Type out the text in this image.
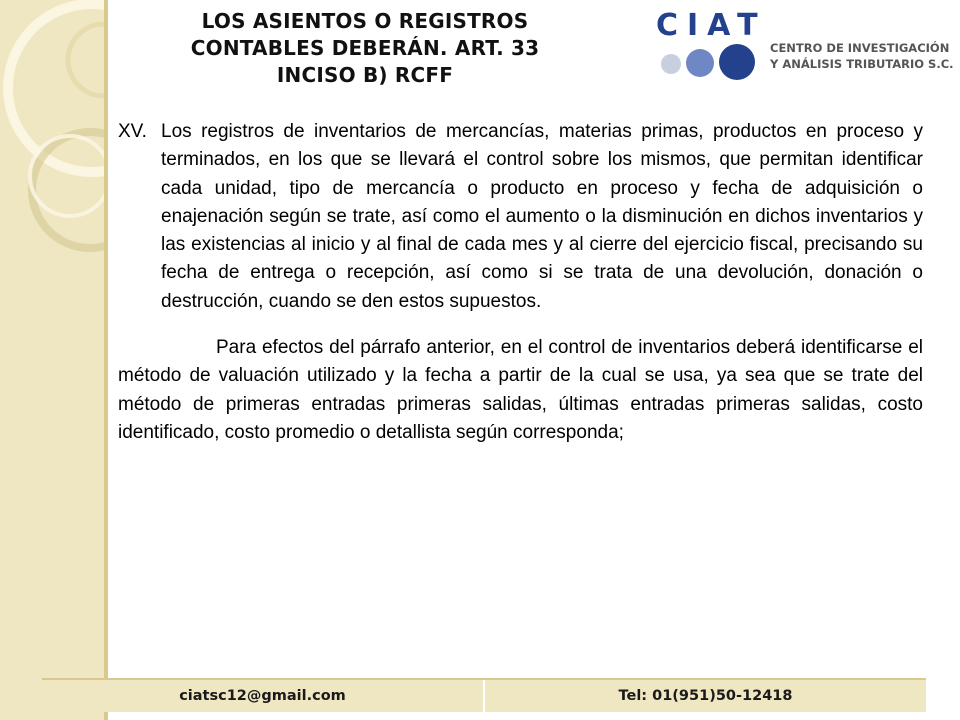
LOS ASIENTOS O REGISTROS
CONTABLES DEBERÁN. ART. 33
INCISO B) RCFF
CIAT
CENTRO DE INVESTIGACIÓN
Y ANÁLISIS TRIBUTARIO S.C.
XV. Los registros de inventarios de mercancías, materias primas, productos en proceso y terminados, en los que se llevará el control sobre los mismos, que permitan identificar cada unidad, tipo de mercancía o producto en proceso y fecha de adquisición o enajenación según se trate, así como el aumento o la disminución en dichos inventarios y las existencias al inicio y al final de cada mes y al cierre del ejercicio fiscal, precisando su fecha de entrega o recepción, así como si se trata de una devolución, donación o destrucción, cuando se den estos supuestos.

Para efectos del párrafo anterior, en el control de inventarios deberá identificarse el método de valuación utilizado y la fecha a partir de la cual se usa, ya sea que se trate del método de primeras entradas primeras salidas, últimas entradas primeras salidas, costo identificado, costo promedio o detallista según corresponda;

ciatsc12@gmail.com	Tel: 01(951)50-12418
